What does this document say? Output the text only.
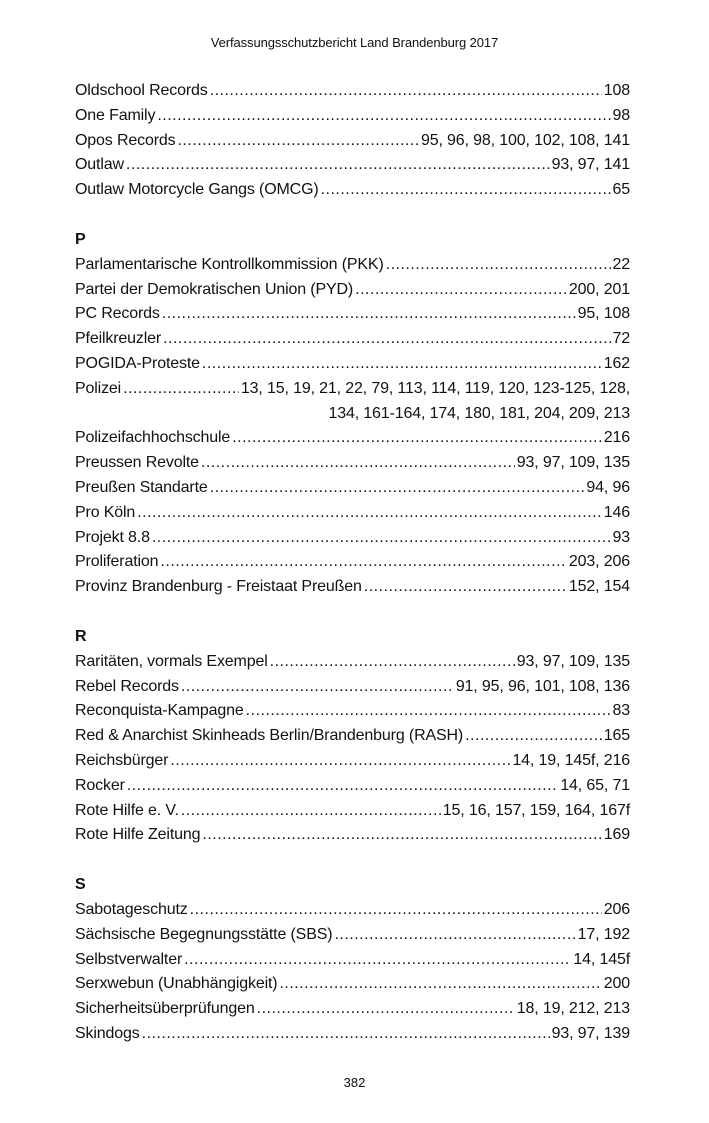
Verfassungsschutzbericht Land Brandenburg 2017
Oldschool Records .....	108
One Family .....	98
Opos Records .....	95, 96, 98, 100, 102, 108, 141
Outlaw .....	93, 97, 141
Outlaw Motorcycle Gangs (OMCG) .....	65
P
Parlamentarische Kontrollkommission (PKK) .....	22
Partei der Demokratischen Union (PYD) .....	200, 201
PC Records .....	95, 108
Pfeilkreuzler .....	72
POGIDA-Proteste .....	162
Polizei .....	13, 15, 19, 21, 22, 79, 113, 114, 119, 120, 123-125, 128,
134, 161-164, 174, 180, 181, 204, 209, 213
Polizeifachhochschule .....	216
Preussen Revolte .....	93, 97, 109, 135
Preußen Standarte .....	94, 96
Pro Köln .....	146
Projekt 8.8 .....	93
Proliferation .....	203, 206
Provinz Brandenburg - Freistaat Preußen .....	152, 154
R
Raritäten, vormals Exempel .....	93, 97, 109, 135
Rebel Records .....	91, 95, 96, 101, 108, 136
Reconquista-Kampagne .....	83
Red & Anarchist Skinheads Berlin/Brandenburg (RASH) .....	165
Reichsbürger .....	14, 19, 145f, 216
Rocker .....	14, 65, 71
Rote Hilfe e. V. .....	15, 16, 157, 159, 164, 167f
Rote Hilfe Zeitung .....	169
S
Sabotageschutz .....	206
Sächsische Begegnungsstätte (SBS) .....	17, 192
Selbstverwalter .....	14, 145f
Serxwebun (Unabhängigkeit) .....	200
Sicherheitsüberprüfungen .....	18, 19, 212, 213
Skindogs .....	93, 97, 139
382
